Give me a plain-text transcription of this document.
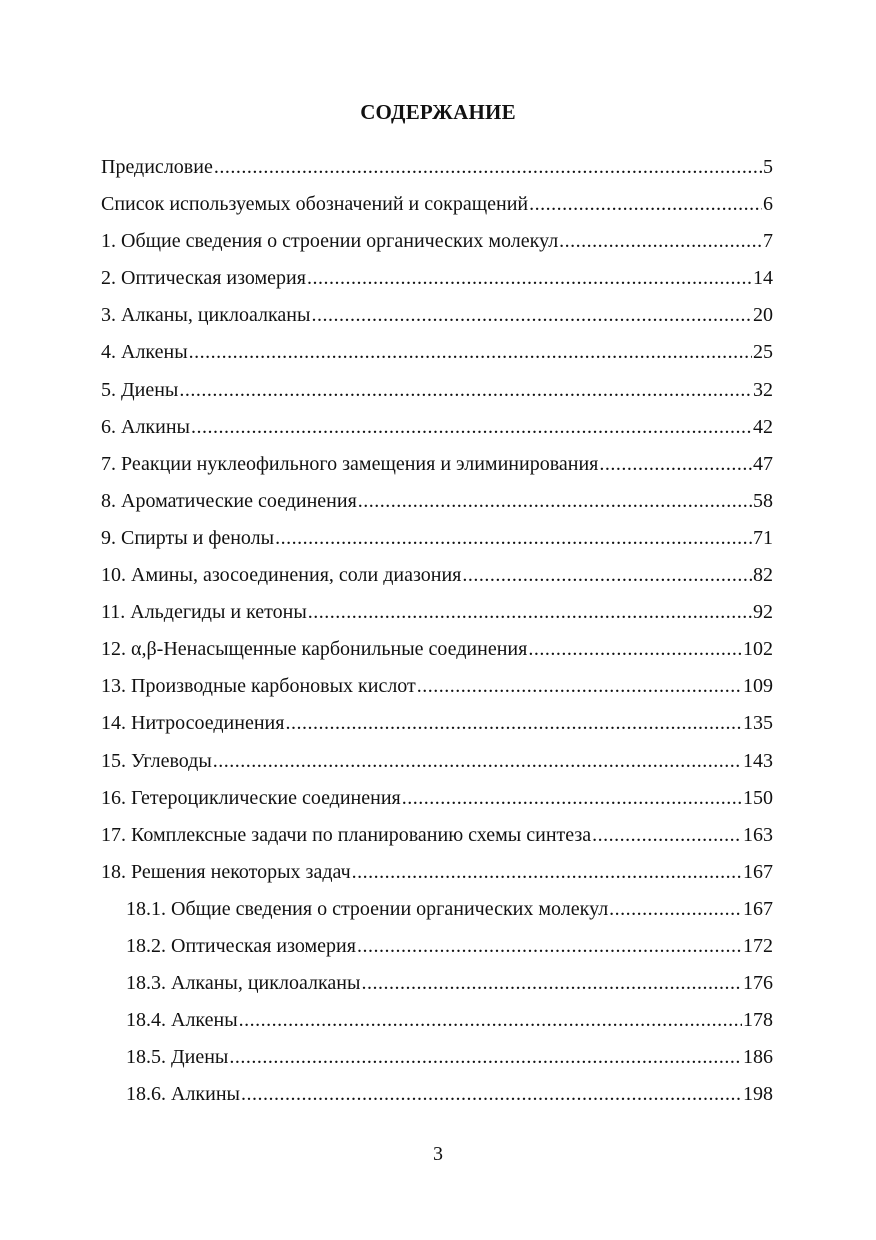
СОДЕРЖАНИЕ
Предисловие .....	5
Список используемых обозначений и сокращений .....	6
1. Общие сведения о строении органических молекул .....	7
2. Оптическая изомерия .....	14
3. Алканы, циклоалканы .....	20
4. Алкены .....	25
5. Диены .....	32
6. Алкины .....	42
7. Реакции нуклеофильного замещения и элиминирования .....	47
8. Ароматические соединения .....	58
9. Спирты и фенолы .....	71
10. Амины, азосоединения, соли диазония .....	82
11. Альдегиды и кетоны .....	92
12. α,β-Ненасыщенные карбонильные соединения .....	102
13. Производные карбоновых кислот .....	109
14. Нитросоединения .....	135
15. Углеводы .....	143
16. Гетероциклические соединения .....	150
17. Комплексные задачи по планированию схемы синтеза .....	163
18. Решения некоторых задач .....	167
18.1. Общие сведения о строении органических молекул .....	167
18.2. Оптическая изомерия .....	172
18.3. Алканы, циклоалканы .....	176
18.4. Алкены .....	178
18.5. Диены .....	186
18.6. Алкины .....	198
3
